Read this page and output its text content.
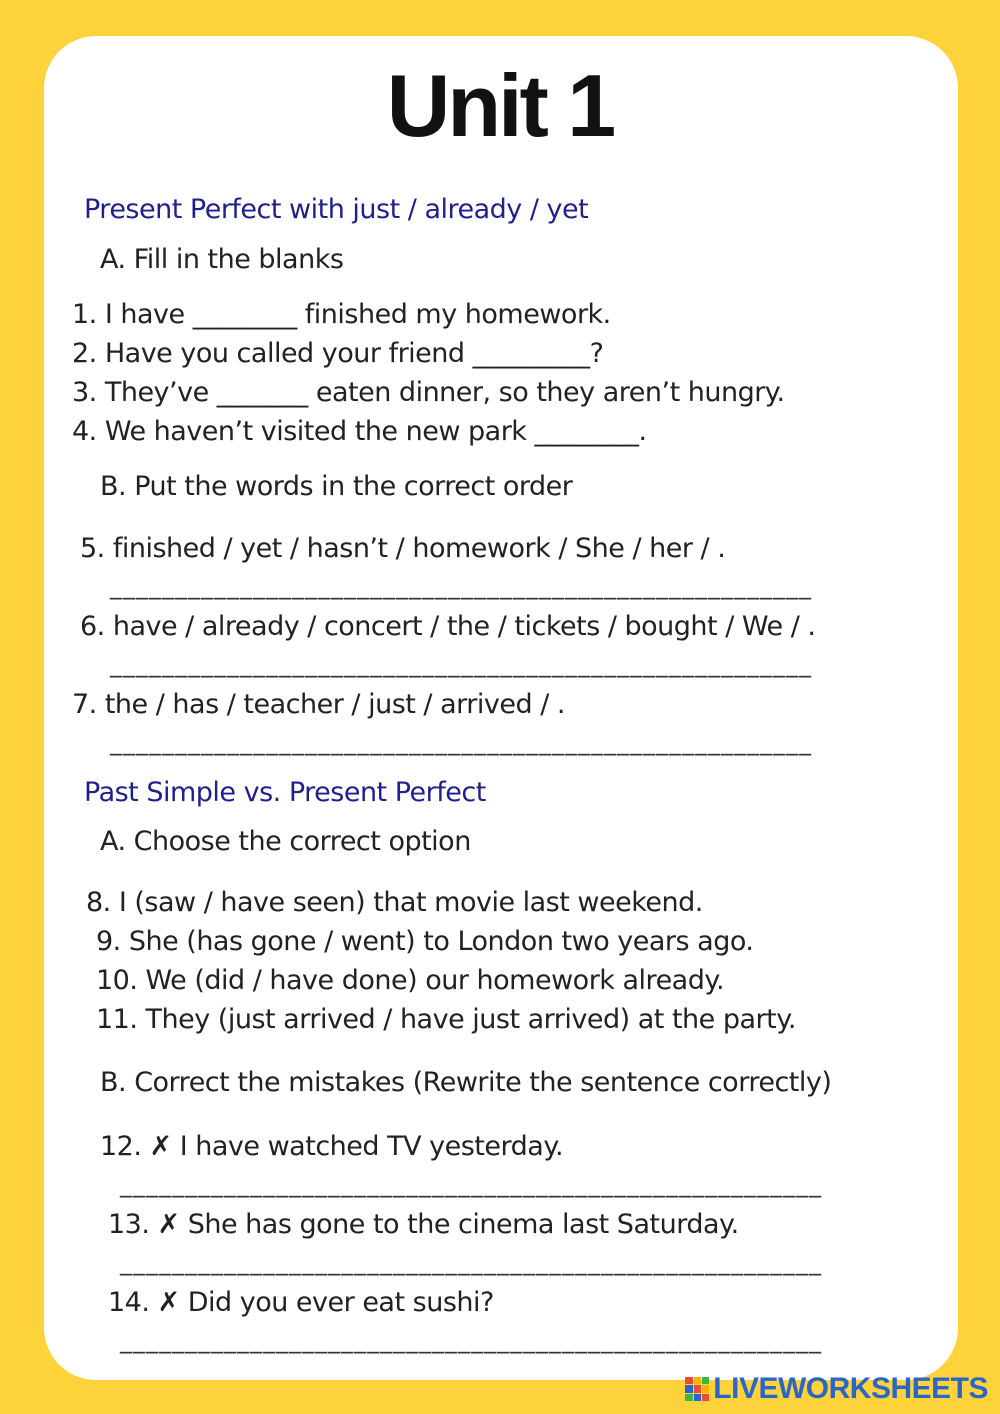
Unit 1
Present Perfect with just / already / yet
A. Fill in the blanks
1. I have ________ finished my homework.
2. Have you called your friend _________?
3. They’ve _______ eaten dinner, so they aren’t hungry.
4. We haven’t visited the new park ________.
B. Put the words in the correct order
5. finished / yet / hasn’t / homework / She / her / .
______________________________________________________
6. have / already / concert / the / tickets / bought / We / .
______________________________________________________
7. the / has / teacher / just / arrived / .
______________________________________________________
Past Simple vs. Present Perfect
A. Choose the correct option
8. I (saw / have seen) that movie last weekend.
9. She (has gone / went) to London two years ago.
10. We (did / have done) our homework already.
11. They (just arrived / have just arrived) at the party.
B. Correct the mistakes (Rewrite the sentence correctly)
12. ✗ I have watched TV yesterday.
______________________________________________________
13. ✗ She has gone to the cinema last Saturday.
______________________________________________________
14. ✗ Did you ever eat sushi?
______________________________________________________
LIVEWORKSHEETS
